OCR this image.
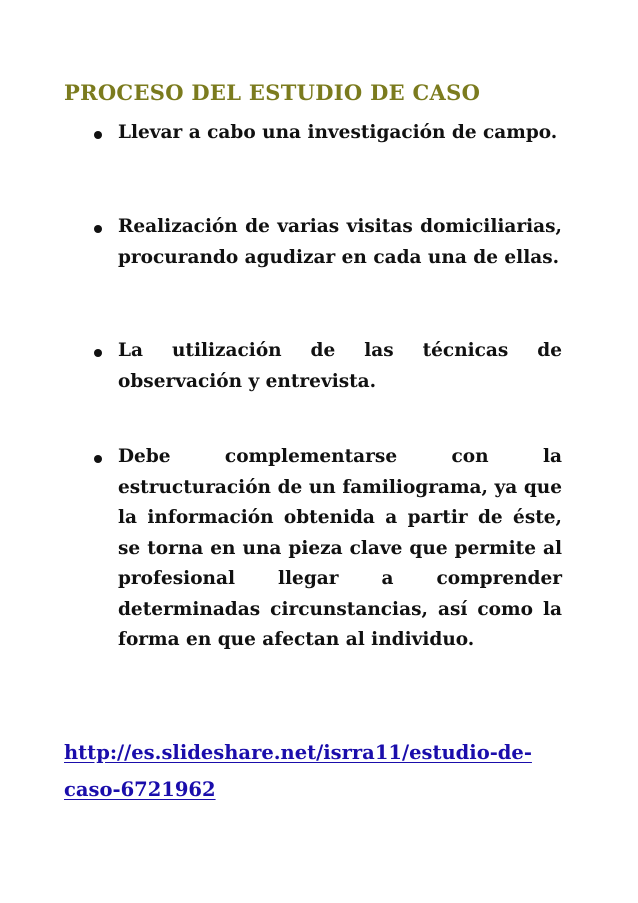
PROCESO DEL ESTUDIO DE CASO
Llevar a cabo una investigación de campo.
Realización de varias visitas domiciliarias, procurando agudizar en cada una de ellas.
La utilización de las técnicas de observación y entrevista.
Debe complementarse con la estructuración de un familiograma, ya que la información obtenida a partir de éste, se torna en una pieza clave que permite al profesional llegar a comprender determinadas circunstancias, así como la forma en que afectan al individuo.
http://es.slideshare.net/isrra11/estudio-de-caso-6721962
